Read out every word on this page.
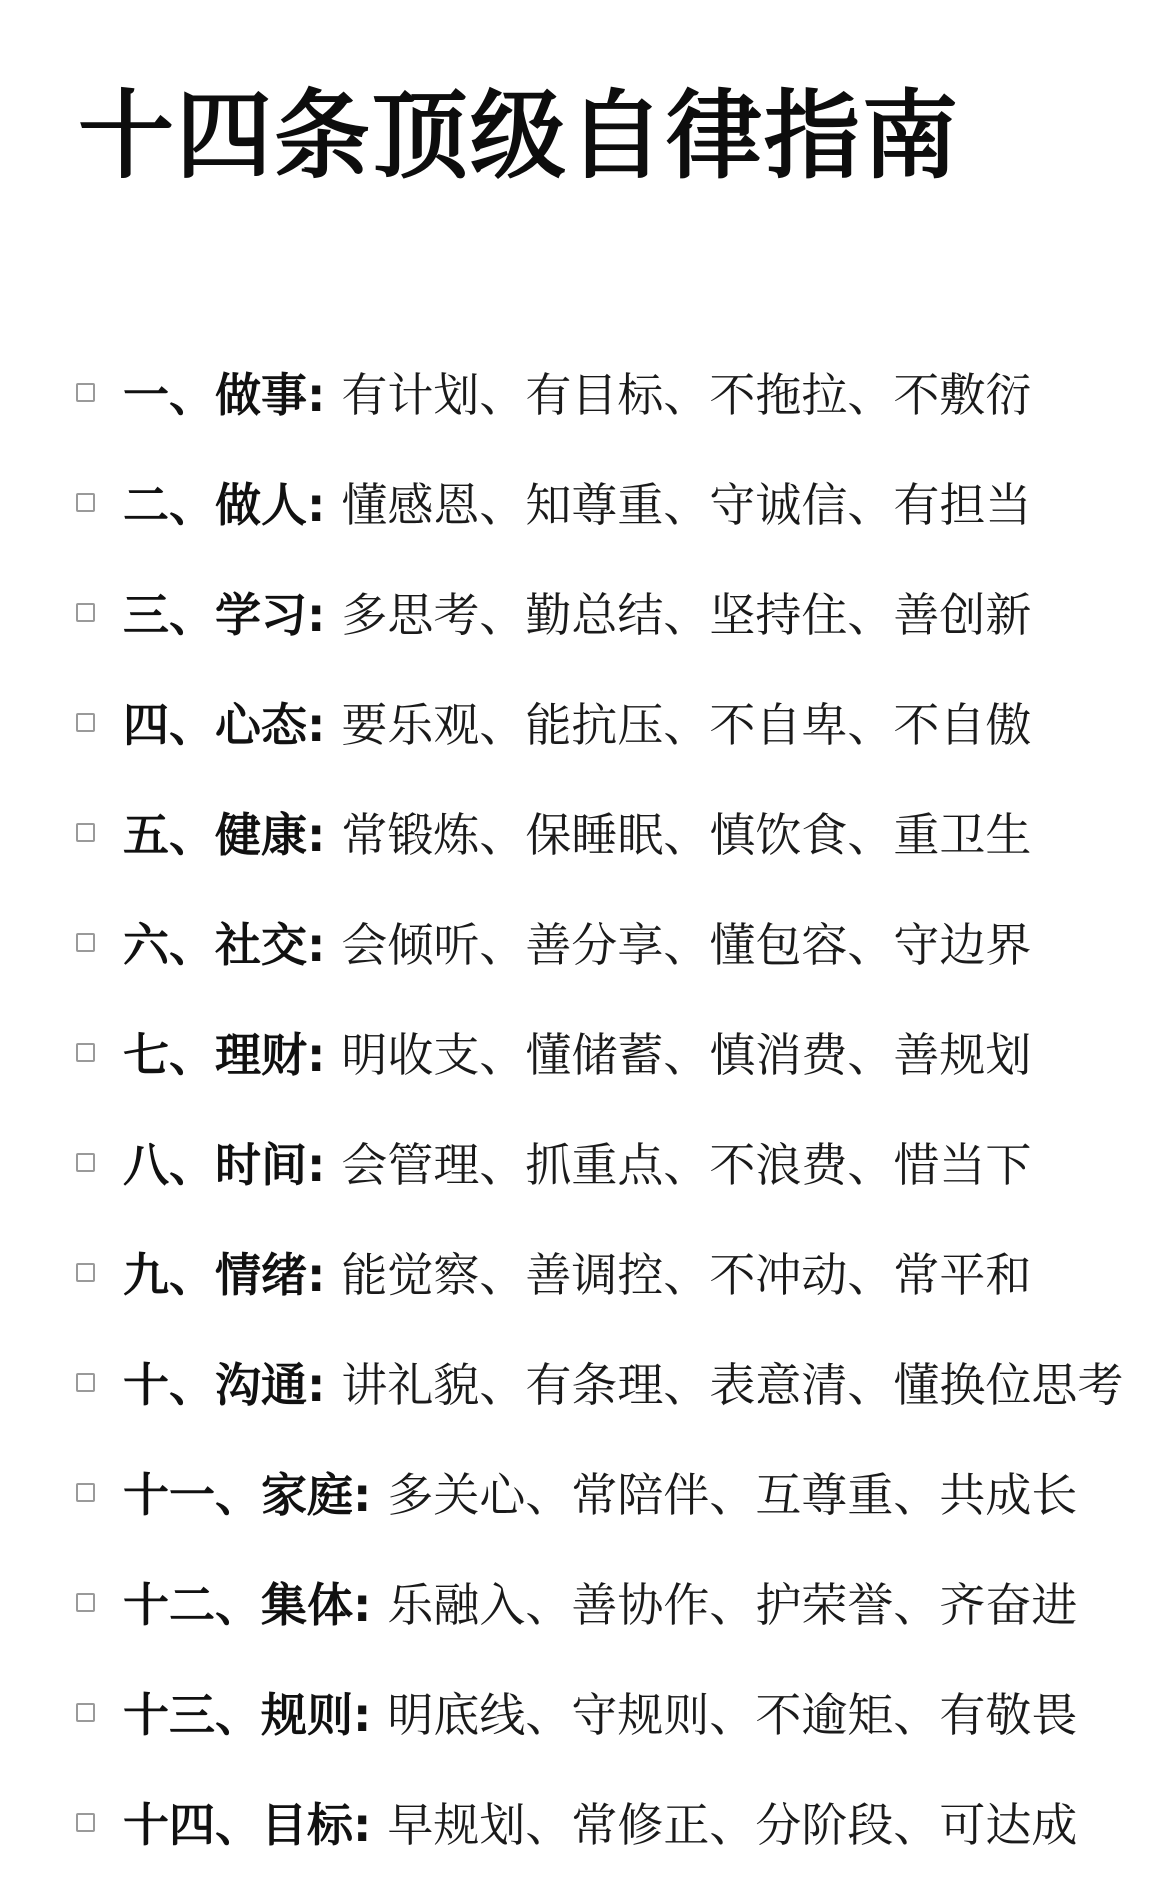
十四条顶级自律指南
一、做事 : 有计划、有目标、不拖拉、不敷衍
二、做人 : 懂感恩、知尊重、守诚信、有担当
三、学习 : 多思考、勤总结、坚持住、善创新
四、心态 : 要乐观、能抗压、不自卑、不自傲
五、健康 : 常锻炼、保睡眠、慎饮食、重卫生
六、社交 : 会倾听、善分享、懂包容、守边界
七、理财 : 明收支、懂储蓄、慎消费、善规划
八、时间 : 会管理、抓重点、不浪费、惜当下
九、情绪 : 能觉察、善调控、不冲动、常平和
十、沟通 : 讲礼貌、有条理、表意清、懂换位思考
十一、家庭 : 多关心、常陪伴、互尊重、共成长
十二、集体 : 乐融入、善协作、护荣誉、齐奋进
十三、规则 : 明底线、守规则、不逾矩、有敬畏
十四、目标 : 早规划、常修正、分阶段、可达成
